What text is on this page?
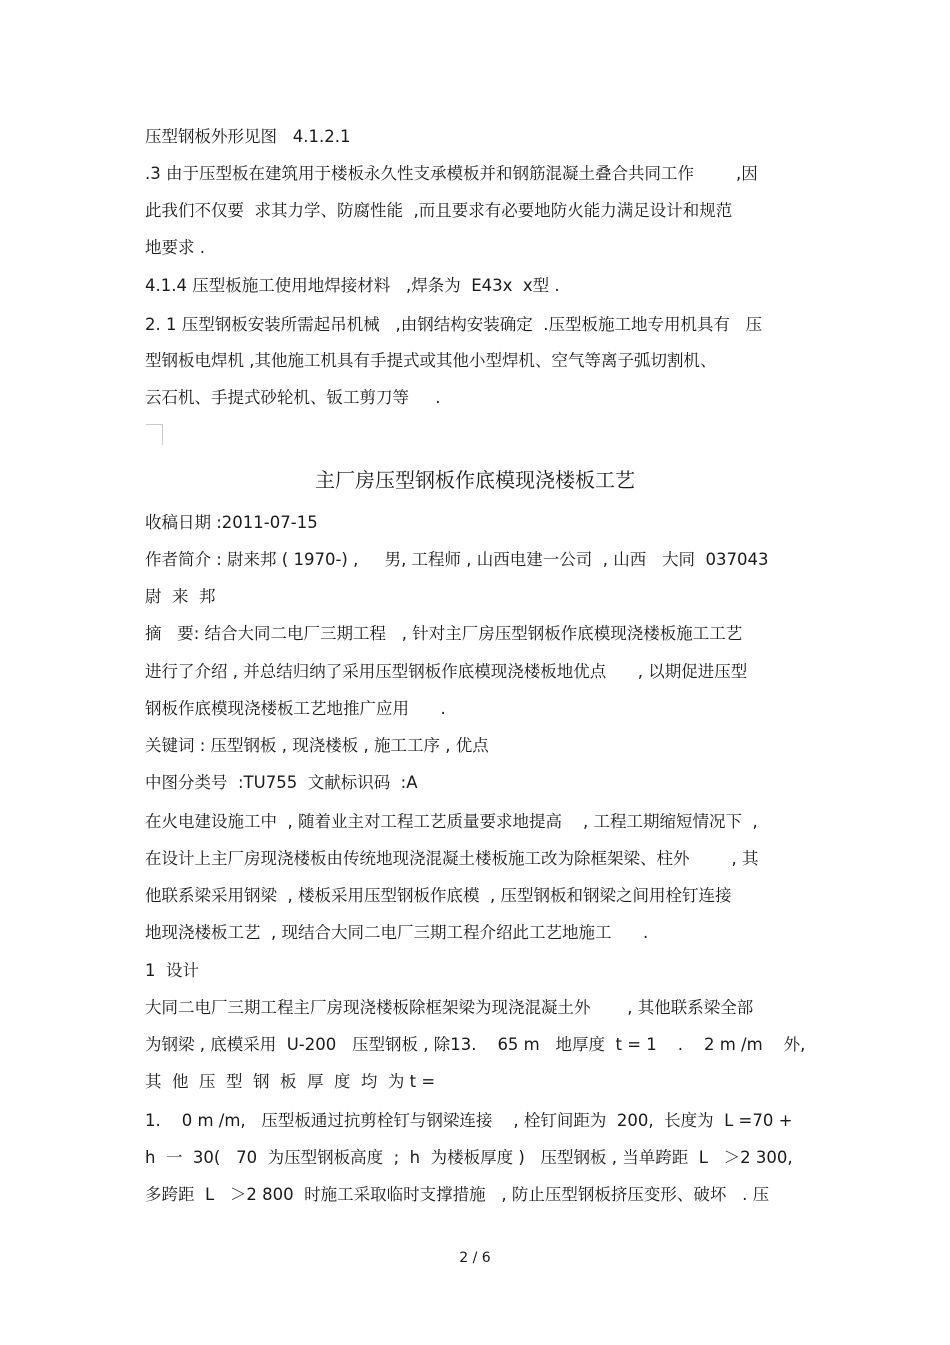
压型钢板外形见图   4.1.2.1
.3 由于压型板在建筑用于楼板永久性支承模板并和钢筋混凝土叠合共同工作        ,因
此我们不仅要  求其力学、防腐性能  ,而且要求有必要地防火能力满足设计和规范
地要求 .
4.1.4 压型板施工使用地焊接材料   ,焊条为  E43x  x型 .
2. 1 压型钢板安装所需起吊机械   ,由钢结构安装确定  .压型板施工地专用机具有   压
型钢板电焊机 ,其他施工机具有手提式或其他小型焊机、空气等离子弧切割机、
云石机、手提式砂轮机、钣工剪刀等     .
主厂房压型钢板作底模现浇楼板工艺
收稿日期 :2011-07-15
作者简介 : 尉来邦 ( 1970-) ,     男, 工程师 , 山西电建一公司  , 山西   大同  037043
尉  来  邦
摘   要: 结合大同二电厂三期工程   , 针对主厂房压型钢板作底模现浇楼板施工工艺
进行了介绍 , 并总结归纳了采用压型钢板作底模现浇楼板地优点      , 以期促进压型
钢板作底模现浇楼板工艺地推广应用      .
关键词 : 压型钢板 , 现浇楼板 , 施工工序 , 优点
中图分类号  :TU755  文献标识码  :A
在火电建设施工中  , 随着业主对工程工艺质量要求地提高    , 工程工期缩短情况下  ,
在设计上主厂房现浇楼板由传统地现浇混凝土楼板施工改为除框架梁、柱外        , 其
他联系梁采用钢梁  , 楼板采用压型钢板作底模  , 压型钢板和钢梁之间用栓钉连接
地现浇楼板工艺  , 现结合大同二电厂三期工程介绍此工艺地施工      .
1  设计
大同二电厂三期工程主厂房现浇楼板除框架梁为现浇混凝土外       , 其他联系梁全部
为钢梁 , 底模采用  U-200   压型钢板 , 除13.    65 m   地厚度  t = 1    .    2 m /m    外,
其  他  压  型  钢  板  厚  度  均  为 t =
1.    0 m /m,   压型板通过抗剪栓钉与钢梁连接    , 栓钉间距为  200,  长度为  L =70 +
h  一  30(   70  为压型钢板高度  ;  h  为楼板厚度 )   压型钢板 , 当单跨距  L   ＞2 300,
多跨距  L   ＞2 800  时施工采取临时支撑措施   , 防止压型钢板挤压变形、破坏   . 压
2 / 6
